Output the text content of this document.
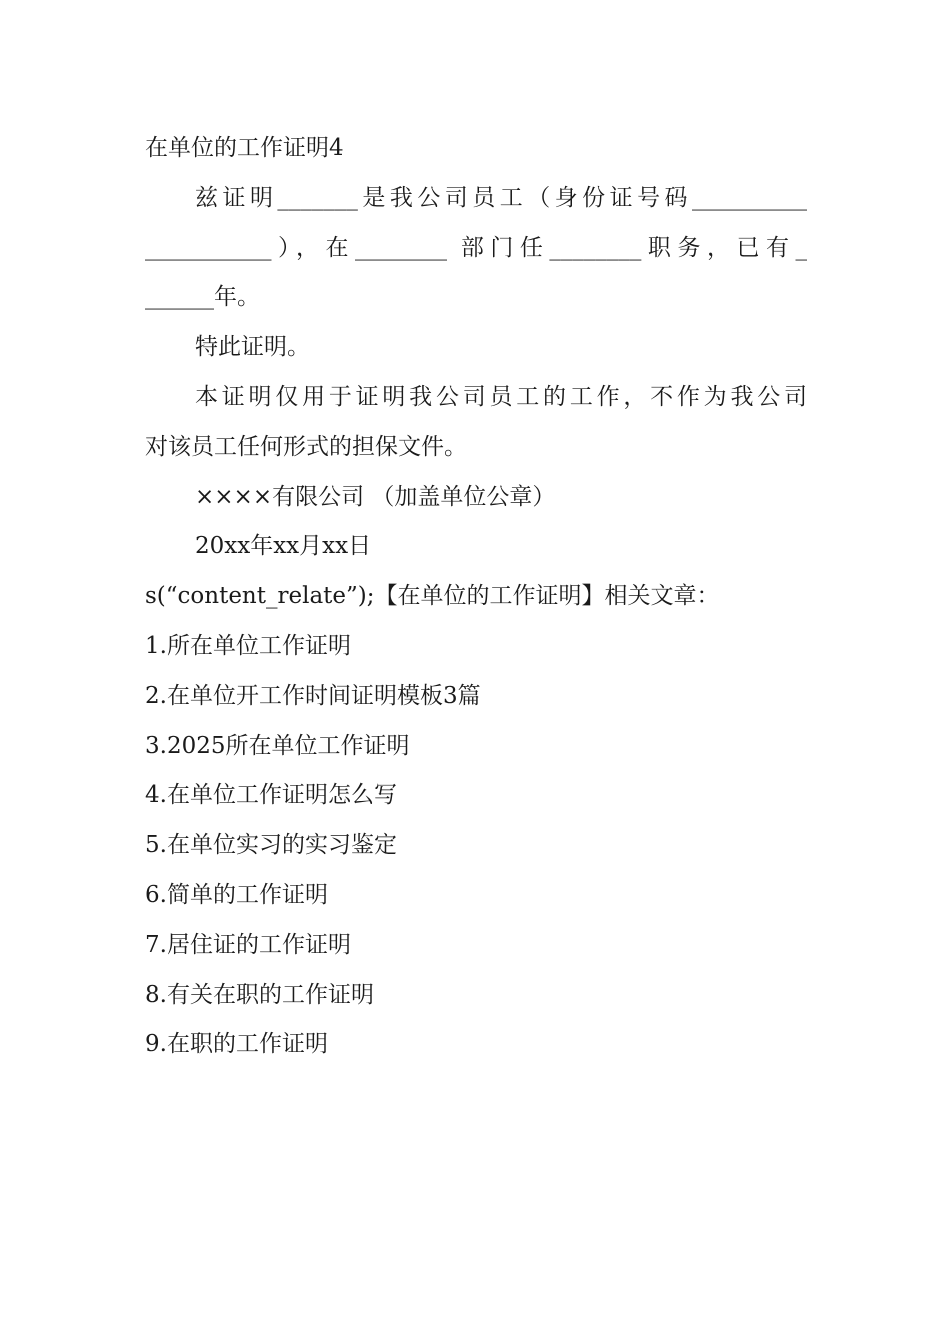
在单位的工作证明4
兹证明_______是我公司员工（身份证号码__________
___________），在________ 部门任________职务，已有_
______年。
特此证明。
本证明仅用于证明我公司员工的工作，不作为我公司
对该员工任何形式的担保文件。
××××有限公司 （加盖单位公章）
20xx年xx月xx日
s(“content_relate”);【在单位的工作证明】相关文章：
1.所在单位工作证明
2.在单位开工作时间证明模板3篇
3.2025所在单位工作证明
4.在单位工作证明怎么写
5.在单位实习的实习鉴定
6.简单的工作证明
7.居住证的工作证明
8.有关在职的工作证明
9.在职的工作证明
